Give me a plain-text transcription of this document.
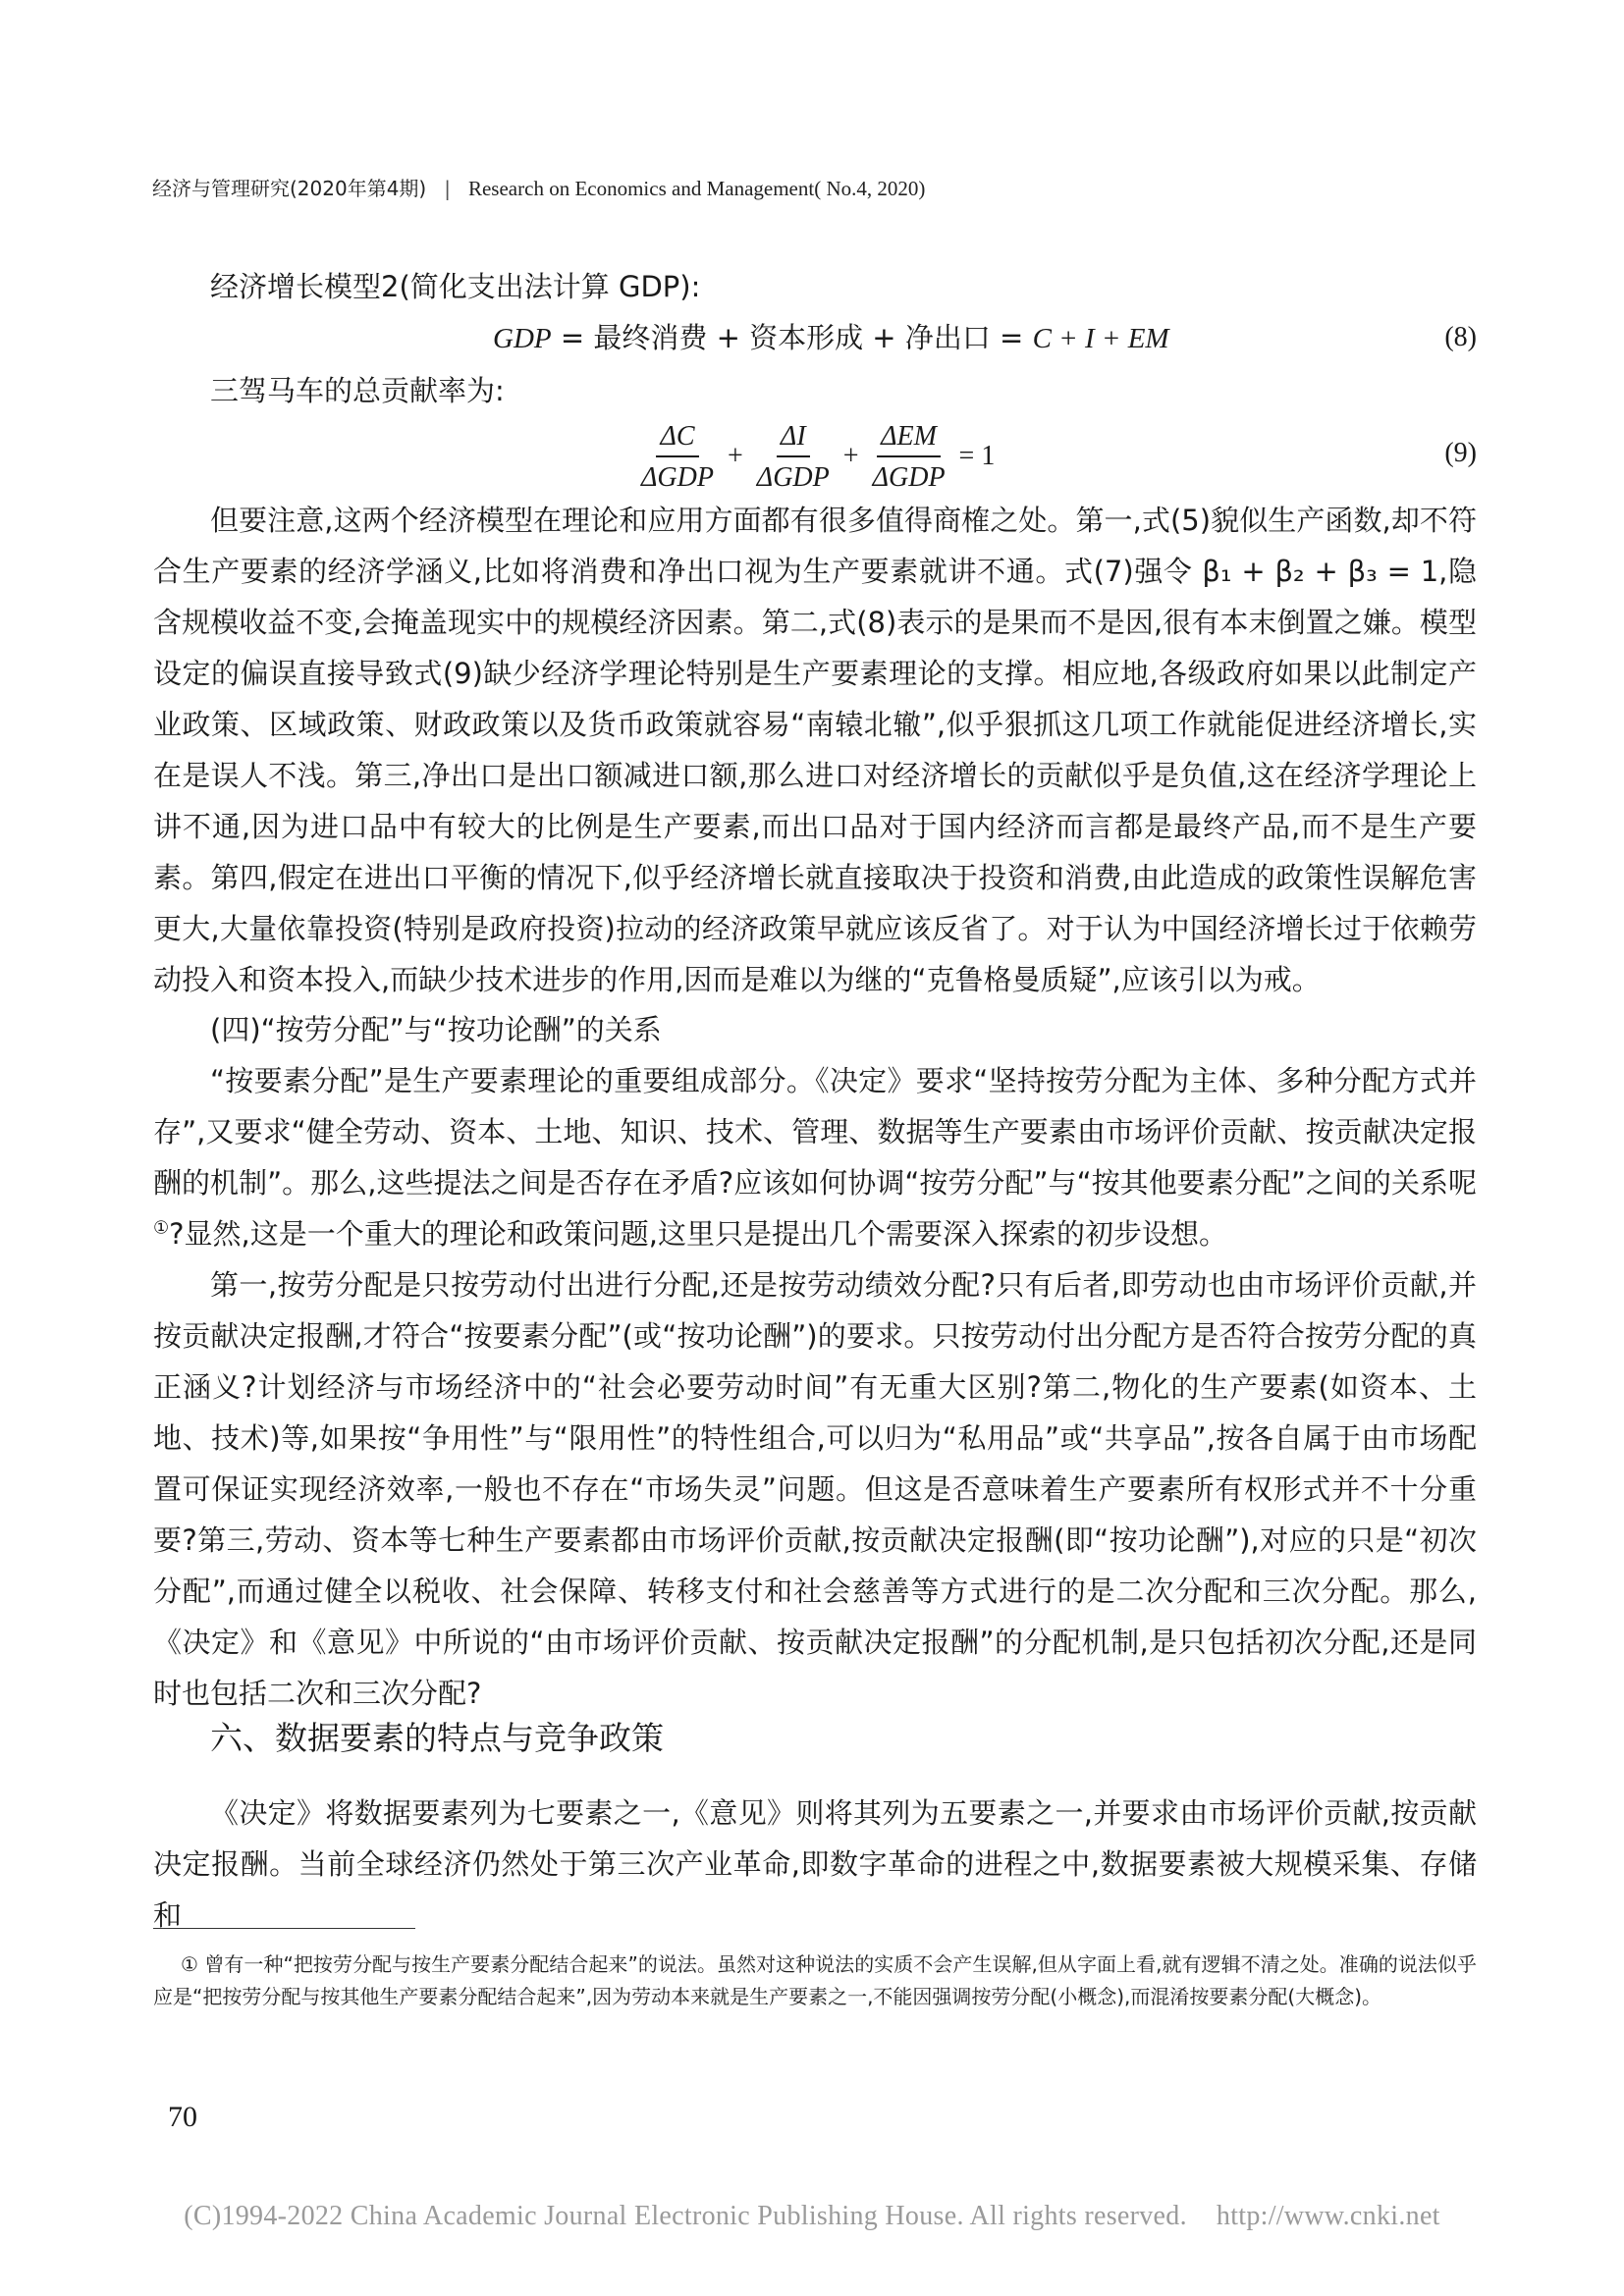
经济与管理研究(2020年第4期) | Research on Economics and Management( No.4, 2020)
经济增长模型2(简化支出法计算 GDP):
GDP = 最终消费 + 资本形成 + 净出口 = C + I + EM	(8)
三驾马车的总贡献率为:
$\frac{\Delta C}{\text{ΔGDP}} + \frac{\Delta I}{\text{ΔGDP}} + \frac{\text{ΔEM}}{\text{ΔGDP}} = 1$	(9)
但要注意,这两个经济模型在理论和应用方面都有很多值得商榷之处。第一,式(5)貌似生产函数,却不符合生产要素的经济学涵义,比如将消费和净出口视为生产要素就讲不通。式(7)强令 β₁ + β₂ + β₃ = 1,隐含规模收益不变,会掩盖现实中的规模经济因素。第二,式(8)表示的是果而不是因,很有本末倒置之嫌。模型设定的偏误直接导致式(9)缺少经济学理论特别是生产要素理论的支撑。相应地,各级政府如果以此制定产业政策、区域政策、财政政策以及货币政策就容易“南辕北辙”,似乎狠抓这几项工作就能促进经济增长,实在是误人不浅。第三,净出口是出口额减进口额,那么进口对经济增长的贡献似乎是负值,这在经济学理论上讲不通,因为进口品中有较大的比例是生产要素,而出口品对于国内经济而言都是最终产品,而不是生产要素。第四,假定在进出口平衡的情况下,似乎经济增长就直接取决于投资和消费,由此造成的政策性误解危害更大,大量依靠投资(特别是政府投资)拉动的经济政策早就应该反省了。对于认为中国经济增长过于依赖劳动投入和资本投入,而缺少技术进步的作用,因而是难以为继的“克鲁格曼质疑”,应该引以为戒。
(四)“按劳分配”与“按功论酬”的关系
“按要素分配”是生产要素理论的重要组成部分。《决定》要求“坚持按劳分配为主体、多种分配方式并存”,又要求“健全劳动、资本、土地、知识、技术、管理、数据等生产要素由市场评价贡献、按贡献决定报酬的机制”。那么,这些提法之间是否存在矛盾?应该如何协调“按劳分配”与“按其他要素分配”之间的关系呢①?显然,这是一个重大的理论和政策问题,这里只是提出几个需要深入探索的初步设想。
第一,按劳分配是只按劳动付出进行分配,还是按劳动绩效分配?只有后者,即劳动也由市场评价贡献,并按贡献决定报酬,才符合“按要素分配”(或“按功论酬”)的要求。只按劳动付出分配方是否符合按劳分配的真正涵义?计划经济与市场经济中的“社会必要劳动时间”有无重大区别?第二,物化的生产要素(如资本、土地、技术)等,如果按“争用性”与“限用性”的特性组合,可以归为“私用品”或“共享品”,按各自属于由市场配置可保证实现经济效率,一般也不存在“市场失灵”问题。但这是否意味着生产要素所有权形式并不十分重要?第三,劳动、资本等七种生产要素都由市场评价贡献,按贡献决定报酬(即“按功论酬”),对应的只是“初次分配”,而通过健全以税收、社会保障、转移支付和社会慈善等方式进行的是二次分配和三次分配。那么,《决定》和《意见》中所说的“由市场评价贡献、按贡献决定报酬”的分配机制,是只包括初次分配,还是同时也包括二次和三次分配?
六、数据要素的特点与竞争政策
《决定》将数据要素列为七要素之一,《意见》则将其列为五要素之一,并要求由市场评价贡献,按贡献决定报酬。当前全球经济仍然处于第三次产业革命,即数字革命的进程之中,数据要素被大规模采集、存储和
① 曾有一种“把按劳分配与按生产要素分配结合起来”的说法。虽然对这种说法的实质不会产生误解,但从字面上看,就有逻辑不清之处。准确的说法似乎应是“把按劳分配与按其他生产要素分配结合起来”,因为劳动本来就是生产要素之一,不能因强调按劳分配(小概念),而混淆按要素分配(大概念)。
70
(C)1994-2022 China Academic Journal Electronic Publishing House. All rights reserved. http://www.cnki.net
